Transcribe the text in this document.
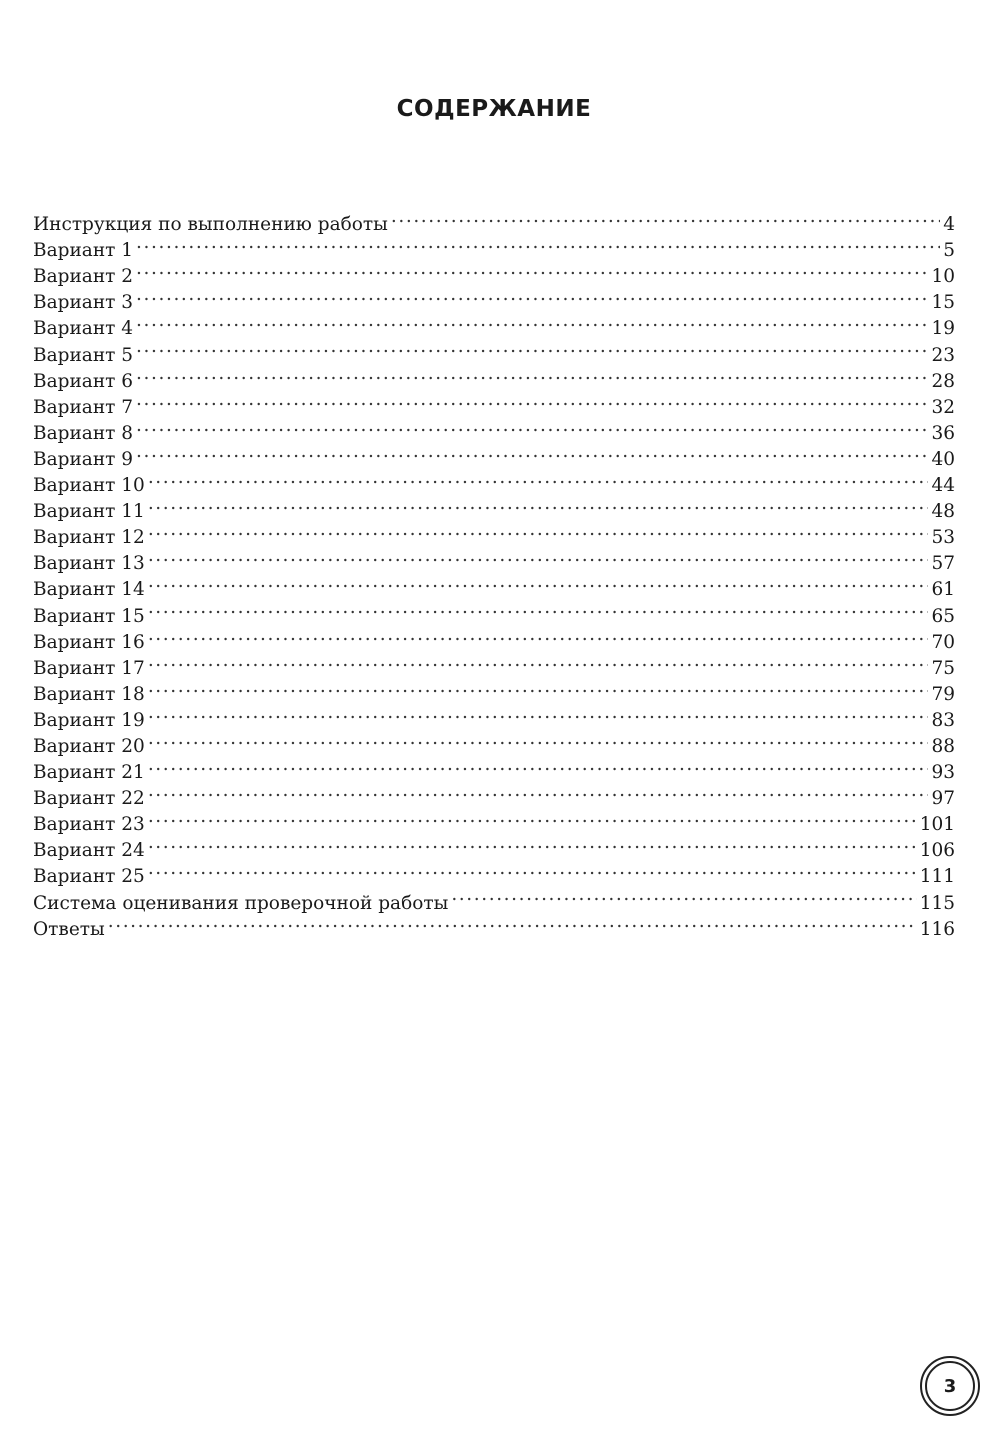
СОДЕРЖАНИЕ
Инструкция по выполнению работы .....	4
Вариант 1 .....	5
Вариант 2 .....	10
Вариант 3 .....	15
Вариант 4 .....	19
Вариант 5 .....	23
Вариант 6 .....	28
Вариант 7 .....	32
Вариант 8 .....	36
Вариант 9 .....	40
Вариант 10 .....	44
Вариант 11 .....	48
Вариант 12 .....	53
Вариант 13 .....	57
Вариант 14 .....	61
Вариант 15 .....	65
Вариант 16 .....	70
Вариант 17 .....	75
Вариант 18 .....	79
Вариант 19 .....	83
Вариант 20 .....	88
Вариант 21 .....	93
Вариант 22 .....	97
Вариант 23 .....	101
Вариант 24 .....	106
Вариант 25 .....	111
Система оценивания проверочной работы .....	115
Ответы .....	116
3
